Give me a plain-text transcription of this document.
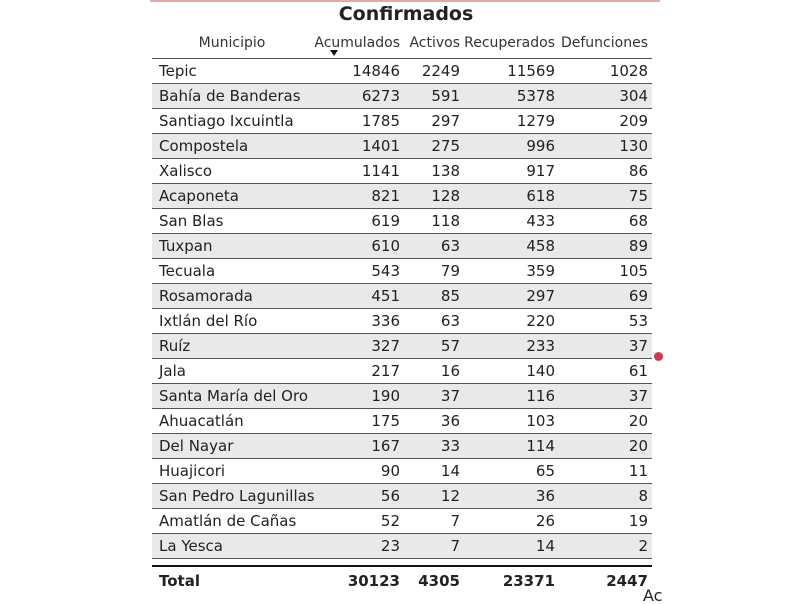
Confirmados
Municipio	Acumulados	Activos	Recuperados	Defunciones
Tepic	14846	2249	11569	1028
Bahía de Banderas	6273	591	5378	304
Santiago Ixcuintla	1785	297	1279	209
Compostela	1401	275	996	130
Xalisco	1141	138	917	86
Acaponeta	821	128	618	75
San Blas	619	118	433	68
Tuxpan	610	63	458	89
Tecuala	543	79	359	105
Rosamorada	451	85	297	69
Ixtlán del Río	336	63	220	53
Ruíz	327	57	233	37
Jala	217	16	140	61
Santa María del Oro	190	37	116	37
Ahuacatlán	175	36	103	20
Del Nayar	167	33	114	20
Huajicori	90	14	65	11
San Pedro Lagunillas	56	12	36	8
Amatlán de Cañas	52	7	26	19
La Yesca	23	7	14	2

Total	30123	4305	23371	2447
Ac
